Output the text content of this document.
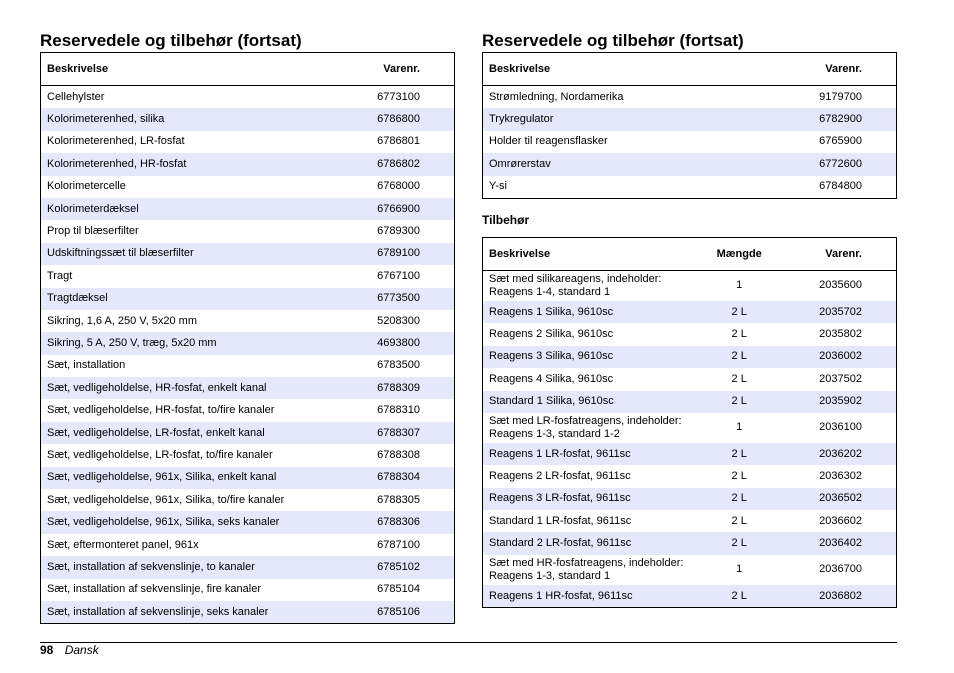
Reservedele og tilbehør (fortsat)
Beskrivelse	Varenr.
Cellehylster	6773100
Kolorimeterenhed, silika	6786800
Kolorimeterenhed, LR-fosfat	6786801
Kolorimeterenhed, HR-fosfat	6786802
Kolorimetercelle	6768000
Kolorimeterdæksel	6766900
Prop til blæserfilter	6789300
Udskiftningssæt til blæserfilter	6789100
Tragt	6767100
Tragtdæksel	6773500
Sikring, 1,6 A, 250 V, 5x20 mm	5208300
Sikring, 5 A, 250 V, træg, 5x20 mm	4693800
Sæt, installation	6783500
Sæt, vedligeholdelse, HR-fosfat, enkelt kanal	6788309
Sæt, vedligeholdelse, HR-fosfat, to/fire kanaler	6788310
Sæt, vedligeholdelse, LR-fosfat, enkelt kanal	6788307
Sæt, vedligeholdelse, LR-fosfat, to/fire kanaler	6788308
Sæt, vedligeholdelse, 961x, Silika, enkelt kanal	6788304
Sæt, vedligeholdelse, 961x, Silika, to/fire kanaler	6788305
Sæt, vedligeholdelse, 961x, Silika, seks kanaler	6788306
Sæt, eftermonteret panel, 961x	6787100
Sæt, installation af sekvenslinje, to kanaler	6785102
Sæt, installation af sekvenslinje, fire kanaler	6785104
Sæt, installation af sekvenslinje, seks kanaler	6785106
Reservedele og tilbehør (fortsat)
Beskrivelse	Varenr.
Strømledning, Nordamerika	9179700
Trykregulator	6782900
Holder til reagensflasker	6765900
Omrørerstav	6772600
Y-si	6784800
Tilbehør
Beskrivelse	Mængde	Varenr.
Sæt med silikareagens, indeholder:
Reagens 1-4, standard 1	1	2035600
Reagens 1 Silika, 9610sc	2 L	2035702
Reagens 2 Silika, 9610sc	2 L	2035802
Reagens 3 Silika, 9610sc	2 L	2036002
Reagens 4 Silika, 9610sc	2 L	2037502
Standard 1 Silika, 9610sc	2 L	2035902
Sæt med LR-fosfatreagens, indeholder:
Reagens 1-3, standard 1-2	1	2036100
Reagens 1 LR-fosfat, 9611sc	2 L	2036202
Reagens 2 LR-fosfat, 9611sc	2 L	2036302
Reagens 3 LR-fosfat, 9611sc	2 L	2036502
Standard 1 LR-fosfat, 9611sc	2 L	2036602
Standard 2 LR-fosfat, 9611sc	2 L	2036402
Sæt med HR-fosfatreagens, indeholder:
Reagens 1-3, standard 1	1	2036700
Reagens 1 HR-fosfat, 9611sc	2 L	2036802
98 Dansk
